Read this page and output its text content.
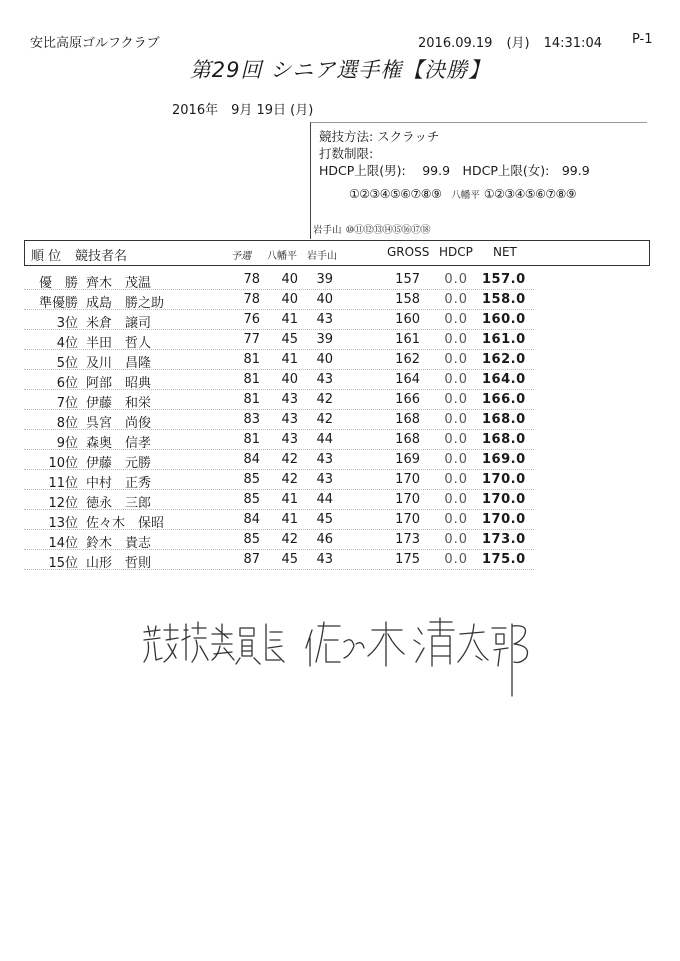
安比高原ゴルフクラブ	2016.09.19 (月) 14:31:04 P-1
第29回 シニア選手権【決勝】
2016年　9月 19日 (月)
競技方法: スクラッチ
打数制限:
HDCP上限(男):　 99.9　HDCP上限(女):　99.9
①②③④⑤⑥⑦⑧⑨ 八幡平 ①②③④⑤⑥⑦⑧⑨
岩手山 ⑩⑪⑫⑬⑭⑮⑯⑰⑱
順 位 競技者名	予選 八幡平 岩手山	GROSS HDCP NET
優　勝 齊木　茂温	78	40	39	157	0.0 157.0
準優勝 成島　勝之助	78	40	40	158	0.0 158.0
3位 米倉　譲司	76	41	43	160	0.0 160.0
4位 半田　哲人	77	45	39	161	0.0 161.0
5位 及川　昌隆	81	41	40	162	0.0 162.0
6位 阿部　昭典	81	40	43	164	0.0 164.0
7位 伊藤　和栄	81	43	42	166	0.0 166.0
8位 呉宮　尚俊	83	43	42	168	0.0 168.0
9位 森奥　信孝	81	43	44	168	0.0 168.0
10位 伊藤　元勝	84	42	43	169	0.0 169.0
11位 中村　正秀	85	42	43	170	0.0 170.0
12位 徳永　三郎	85	41	44	170	0.0 170.0
13位 佐々木　保昭	84	41	45	170	0.0 170.0
14位 鈴木　貴志	85	42	46	173	0.0 173.0
15位 山形　哲則	87	45	43	175	0.0 175.0
